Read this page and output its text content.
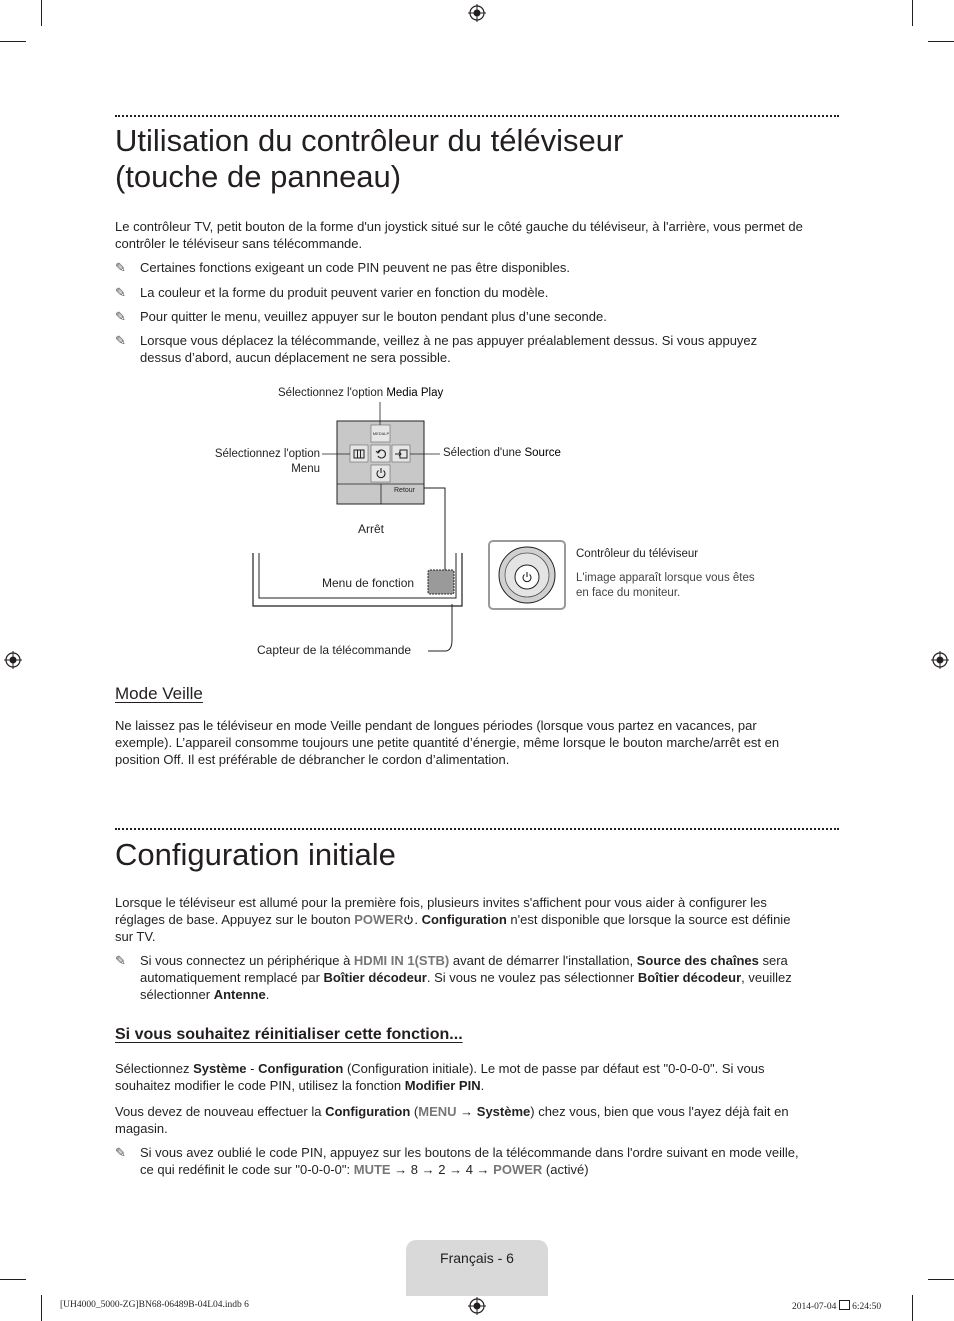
Utilisation du contrôleur du téléviseur
(touche de panneau)
Le contrôleur TV, petit bouton de la forme d'un joystick situé sur le côté gauche du téléviseur, à l'arrière, vous permet de
contrôler le téléviseur sans télécommande.
✎	Certaines fonctions exigeant un code PIN peuvent ne pas être disponibles.
✎	La couleur et la forme du produit peuvent varier en fonction du modèle.
✎	Pour quitter le menu, veuillez appuyer sur le bouton pendant plus d’une seconde.
✎	Lorsque vous déplacez la télécommande, veillez à ne pas appuyer préalablement dessus. Si vous appuyez
dessus d’abord, aucun déplacement ne sera possible.
MEDIA.P
Retour
Sélectionnez l'option Media Play
Sélectionnez l'option
Menu
Sélection d'une Source
Arrêt
Menu de fonction
Capteur de la télécommande
Contrôleur du téléviseur
L'image apparaît lorsque vous êtes
en face du moniteur.
Mode Veille
Ne laissez pas le téléviseur en mode Veille pendant de longues périodes (lorsque vous partez en vacances, par
exemple). L’appareil consomme toujours une petite quantité d’énergie, même lorsque le bouton marche/arrêt est en
position Off. Il est préférable de débrancher le cordon d’alimentation.
Configuration initiale
Lorsque le téléviseur est allumé pour la première fois, plusieurs invites s'affichent pour vous aider à configurer les
réglages de base. Appuyez sur le bouton POWER . Configuration n'est disponible que lorsque la source est définie
sur TV.
✎	Si vous connectez un périphérique à HDMI IN 1(STB) avant de démarrer l'installation, Source des chaînes sera
automatiquement remplacé par Boîtier décodeur. Si vous ne voulez pas sélectionner Boîtier décodeur, veuillez
sélectionner Antenne.
Si vous souhaitez réinitialiser cette fonction...
Sélectionnez Système - Configuration (Configuration initiale). Le mot de passe par défaut est "0-0-0-0". Si vous
souhaitez modifier le code PIN, utilisez la fonction Modifier PIN.
Vous devez de nouveau effectuer la Configuration (MENU → Système) chez vous, bien que vous l'ayez déjà fait en
magasin.
✎	Si vous avez oublié le code PIN, appuyez sur les boutons de la télécommande dans l'ordre suivant en mode veille,
ce qui redéfinit le code sur "0-0-0-0": MUTE → 8 → 2 → 4 → POWER (activé)
Français - 6
[UH4000_5000-ZG]BN68-06489B-04L04.indb 6	2014-07-04  6:24:50
